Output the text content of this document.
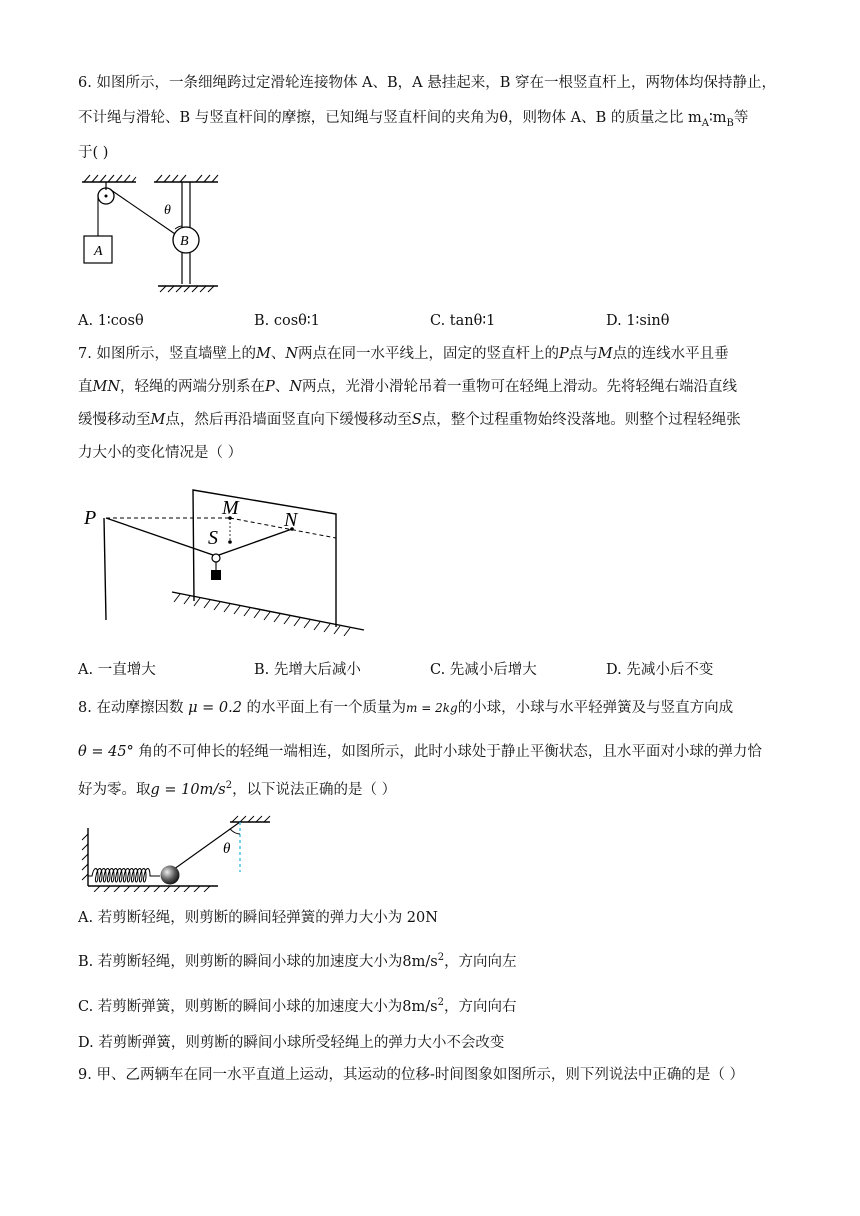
6. 如图所示，一条细绳跨过定滑轮连接物体 A、B，A 悬挂起来，B 穿在一根竖直杆上，两物体均保持静止，
不计绳与滑轮、B 与竖直杆间的摩擦，已知绳与竖直杆间的夹角为θ，则物体 A、B 的质量之比 $m_A∶m_B$等
于( )
A
B
θ
A. 1∶cosθ	B. cosθ∶1	C. tanθ∶1	D. 1∶sinθ
7. 如图所示，竖直墙壁上的M、N两点在同一水平线上，固定的竖直杆上的P点与M点的连线水平且垂
直MN，轻绳的两端分别系在P、N两点，光滑小滑轮吊着一重物可在轻绳上滑动。先将轻绳右端沿直线
缓慢移动至M点，然后再沿墙面竖直向下缓慢移动至S点，整个过程重物始终没落地。则整个过程轻绳张
力大小的变化情况是（ ）
P	M
S
N
A. 一直增大	B. 先增大后减小	C. 先减小后增大	D. 先减小后不变
8. 在动摩擦因数 μ = 0.2 的水平面上有一个质量为m = 2kg的小球，小球与水平轻弹簧及与竖直方向成
θ = 45° 角的不可伸长的轻绳一端相连，如图所示，此时小球处于静止平衡状态，且水平面对小球的弹力恰
好为零。取$g = 10m/s^2$，以下说法正确的是（ ）
θ
A. 若剪断轻绳，则剪断的瞬间轻弹簧的弹力大小为 20N
B. 若剪断轻绳，则剪断的瞬间小球的加速度大小为$8m/s^2$，方向向左
C. 若剪断弹簧，则剪断的瞬间小球的加速度大小为$8m/s^2$，方向向右
D. 若剪断弹簧，则剪断的瞬间小球所受轻绳上的弹力大小不会改变
9. 甲、乙两辆车在同一水平直道上运动，其运动的位移-时间图象如图所示，则下列说法中正确的是（ ）
